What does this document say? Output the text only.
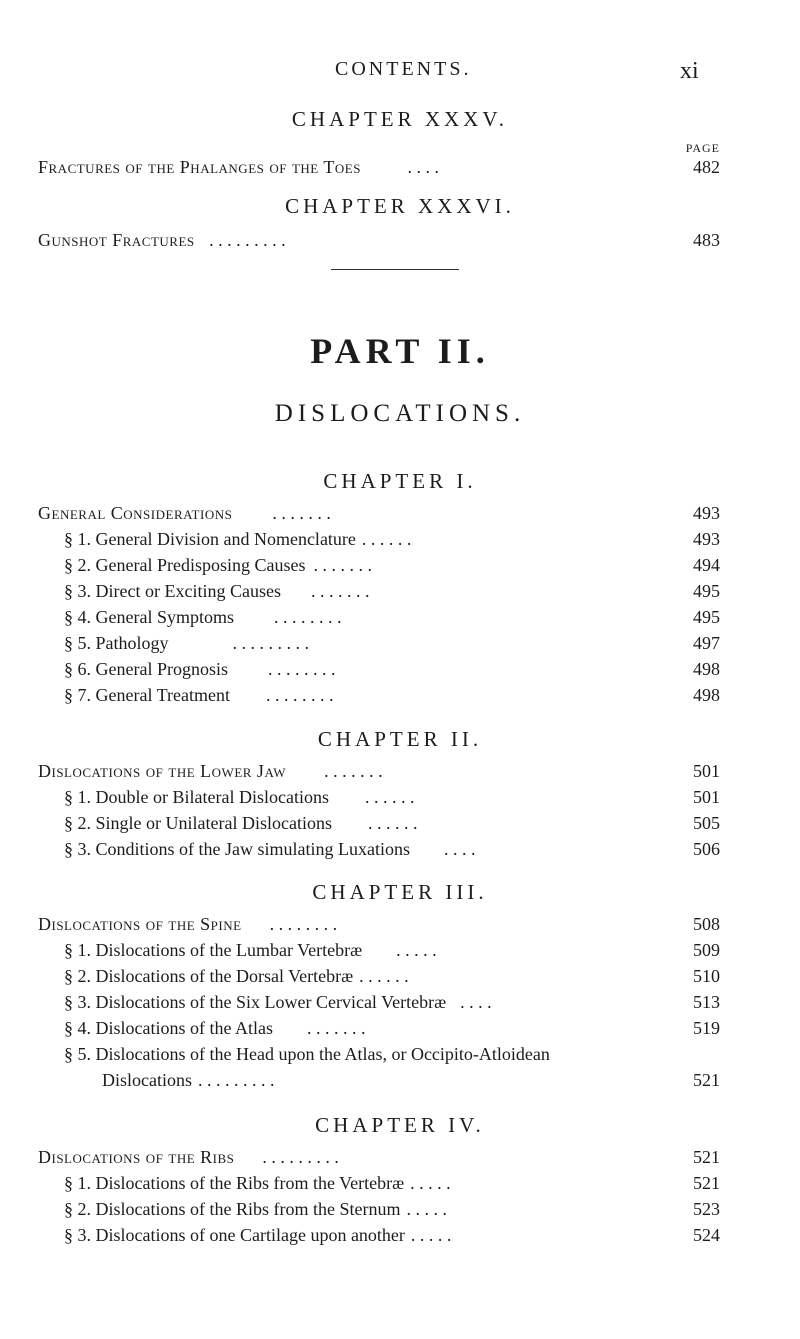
CONTENTS.	xi
CHAPTER XXXV.
PAGE
Fractures of the Phalanges of the Toes	. . . .	482
CHAPTER XXXVI.
Gunshot Fractures . . . . . . . . .	483
PART II.
DISLOCATIONS.
CHAPTER I.
General Considerations . . . . . . .	493
§ 1. General Division and Nomenclature . . . . . .	493
§ 2. General Predisposing Causes . . . . . . .	494
§ 3. Direct or Exciting Causes . . . . . . .	495
§ 4. General Symptoms . . . . . . . .	495
§ 5. Pathology	. . . . . . . . .	497
§ 6. General Prognosis . . . . . . . .	498
§ 7. General Treatment . . . . . . . .	498
CHAPTER II.
Dislocations of the Lower Jaw . . . . . . .	501
§ 1. Double or Bilateral Dislocations . . . . . .	501
§ 2. Single or Unilateral Dislocations . . . . . .	505
§ 3. Conditions of the Jaw simulating Luxations . . . .	506
CHAPTER III.
Dislocations of the Spine . . . . . . . .	508
§ 1. Dislocations of the Lumbar Vertebræ . . . . .	509
§ 2. Dislocations of the Dorsal Vertebræ . . . . . .	510
§ 3. Dislocations of the Six Lower Cervical Vertebræ . . . .	513
§ 4. Dislocations of the Atlas . . . . . . .	519
§ 5. Dislocations of the Head upon the Atlas, or Occipito-Atloidean
Dislocations . . . . . . . . .	521
CHAPTER IV.
Dislocations of the Ribs . . . . . . . . .	521
§ 1. Dislocations of the Ribs from the Vertebræ . . . . .	521
§ 2. Dislocations of the Ribs from the Sternum . . . . .	523
§ 3. Dislocations of one Cartilage upon another . . . . .	524
